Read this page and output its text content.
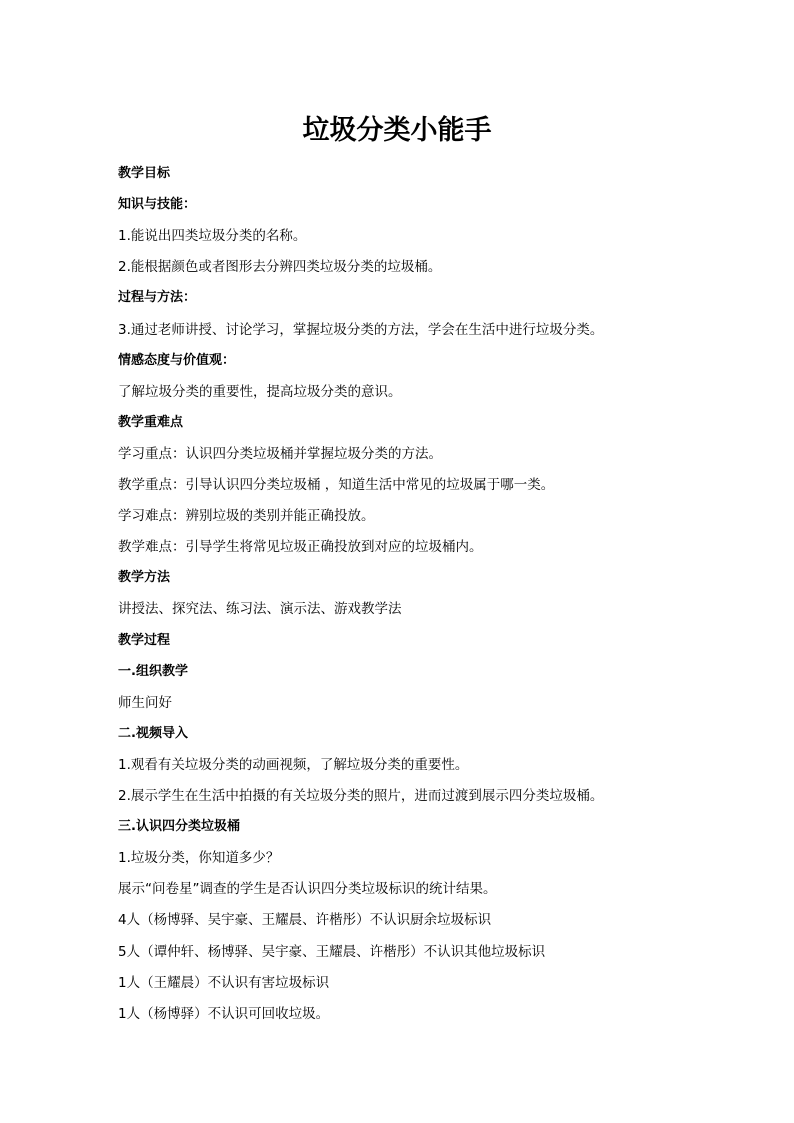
垃圾分类小能手
教学目标
知识与技能：
1.能说出四类垃圾分类的名称。
2.能根据颜色或者图形去分辨四类垃圾分类的垃圾桶。
过程与方法：
3.通过老师讲授、讨论学习，掌握垃圾分类的方法，学会在生活中进行垃圾分类。
情感态度与价值观：
了解垃圾分类的重要性，提高垃圾分类的意识。
教学重难点
学习重点：认识四分类垃圾桶并掌握垃圾分类的方法。
教学重点：引导认识四分类垃圾桶 ，知道生活中常见的垃圾属于哪一类。
学习难点：辨别垃圾的类别并能正确投放。
教学难点：引导学生将常见垃圾正确投放到对应的垃圾桶内。
教学方法
讲授法、探究法、练习法、演示法、游戏教学法
教学过程
一.组织教学
师生问好
二.视频导入
1.观看有关垃圾分类的动画视频，了解垃圾分类的重要性。
2.展示学生在生活中拍摄的有关垃圾分类的照片，进而过渡到展示四分类垃圾桶。
三.认识四分类垃圾桶
1.垃圾分类，你知道多少？
展示“问卷星”调查的学生是否认识四分类垃圾标识的统计结果。
4人（杨博驿、吴宇豪、王耀晨、许楷彤）不认识厨余垃圾标识
5人（谭仲轩、杨博驿、吴宇豪、王耀晨、许楷彤）不认识其他垃圾标识
1人（王耀晨）不认识有害垃圾标识
1人（杨博驿）不认识可回收垃圾。
